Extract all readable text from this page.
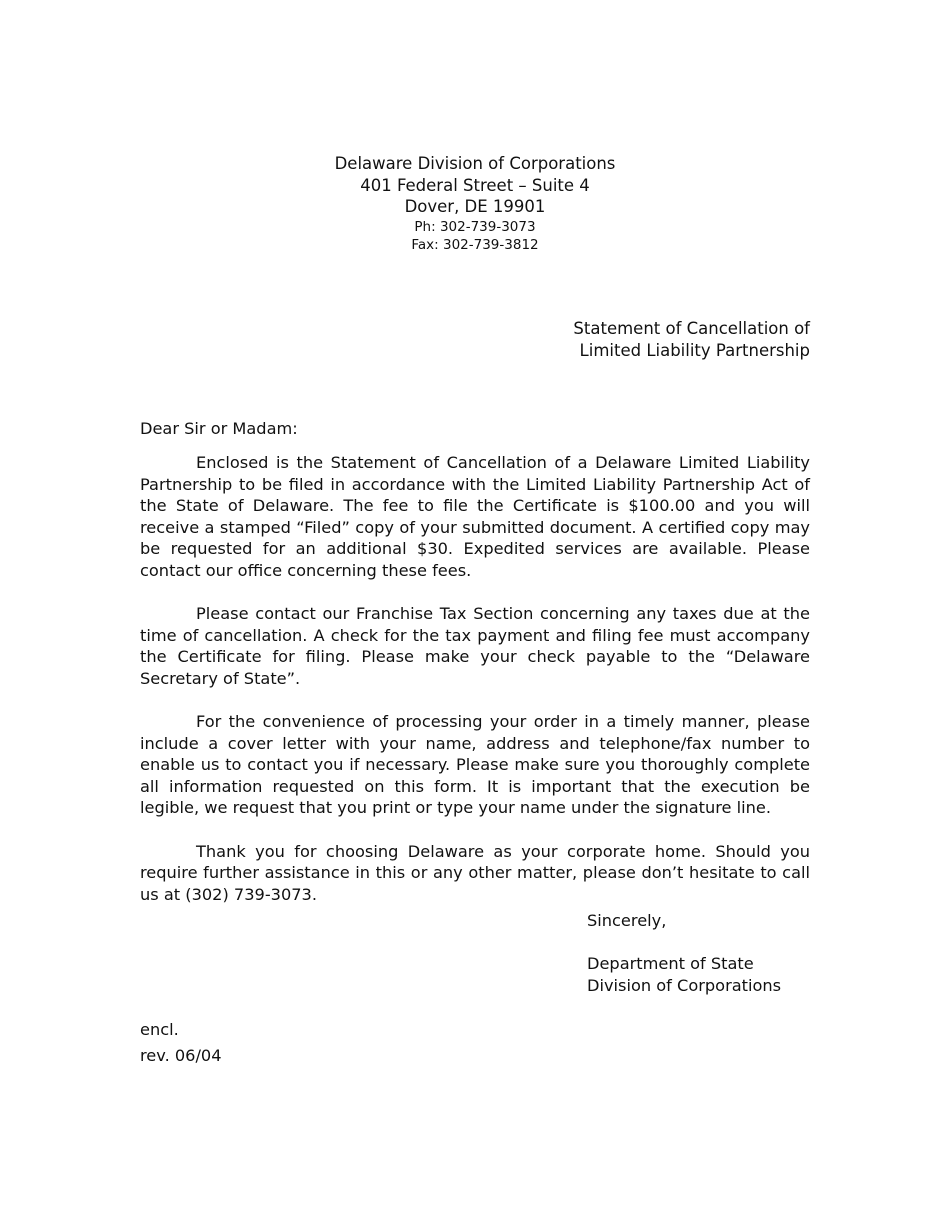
Delaware Division of Corporations
401 Federal Street – Suite 4
Dover, DE 19901
Ph: 302-739-3073
Fax: 302-739-3812
Statement of Cancellation of
Limited Liability Partnership

Dear Sir or Madam:

Enclosed is the Statement of Cancellation of a Delaware Limited Liability Partnership to be filed in accordance with the Limited Liability Partnership Act of the State of Delaware. The fee to file the Certificate is $100.00 and you will receive a stamped “Filed” copy of your submitted document. A certified copy may be requested for an additional $30. Expedited services are available. Please contact our office concerning these fees.

Please contact our Franchise Tax Section concerning any taxes due at the time of cancellation. A check for the tax payment and filing fee must accompany the Certificate for filing. Please make your check payable to the “Delaware Secretary of State”.

For the convenience of processing your order in a timely manner, please include a cover letter with your name, address and telephone/fax number to enable us to contact you if necessary. Please make sure you thoroughly complete all information requested on this form. It is important that the execution be legible, we request that you print or type your name under the signature line.

Thank you for choosing Delaware as your corporate home. Should you require further assistance in this or any other matter, please don’t hesitate to call us at (302) 739-3073.

Sincerely,
Department of State
Division of Corporations
encl.
rev. 06/04
